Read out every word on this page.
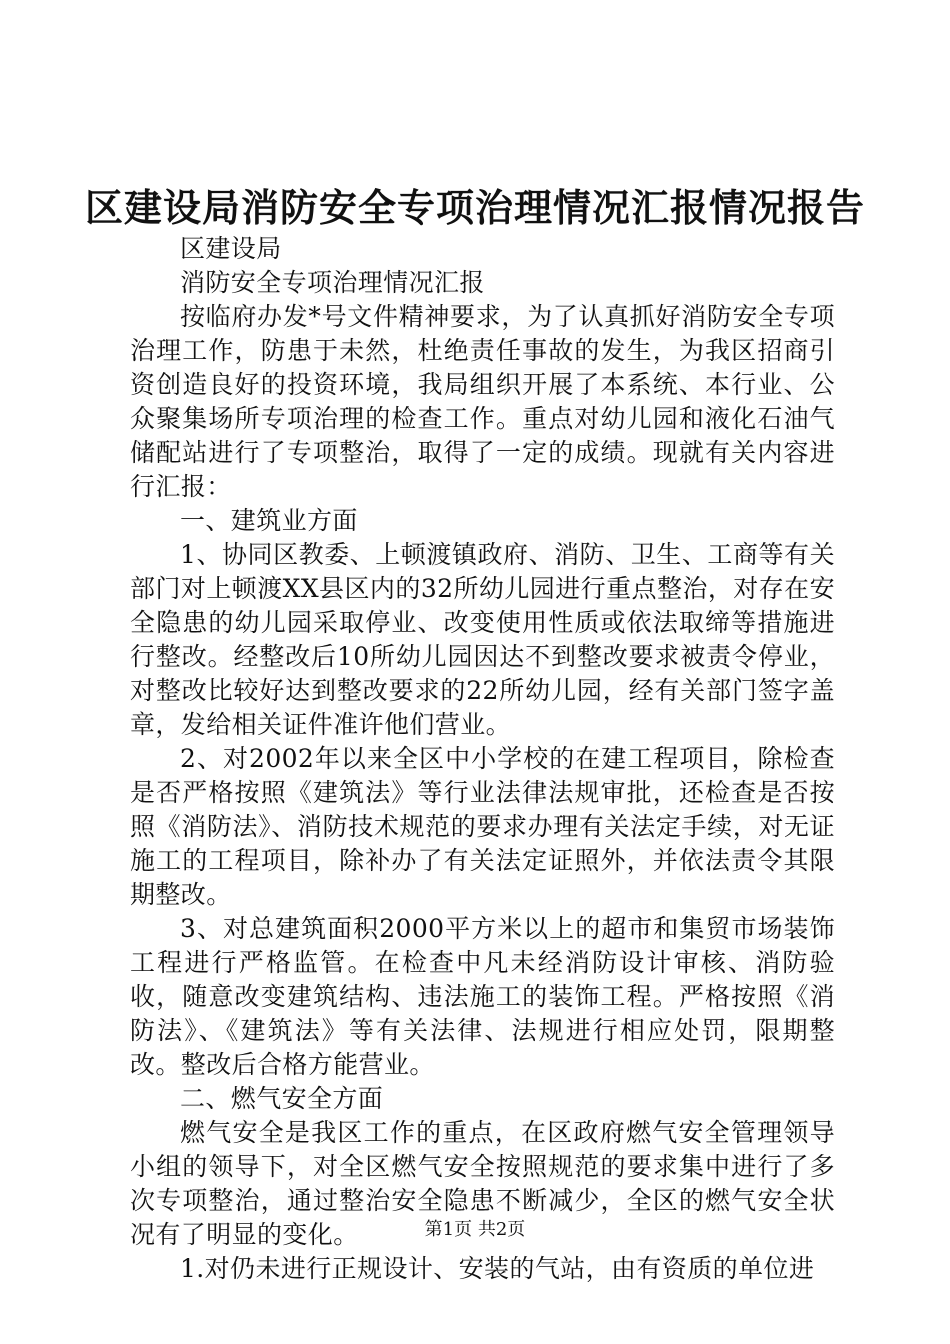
区建设局消防安全专项治理情况汇报情况报告

区建设局

消防安全专项治理情况汇报

按临府办发*号文件精神要求，为了认真抓好消防安全专项治理工作，防患于未然，杜绝责任事故的发生，为我区招商引资创造良好的投资环境，我局组织开展了本系统、本行业、公众聚集场所专项治理的检查工作。重点对幼儿园和液化石油气储配站进行了专项整治，取得了一定的成绩。现就有关内容进行汇报：

一、建筑业方面

1、协同区教委、上顿渡镇政府、消防、卫生、工商等有关部门对上顿渡XX县区内的32所幼儿园进行重点整治，对存在安全隐患的幼儿园采取停业、改变使用性质或依法取缔等措施进行整改。经整改后10所幼儿园因达不到整改要求被责令停业，对整改比较好达到整改要求的22所幼儿园，经有关部门签字盖章，发给相关证件准许他们营业。

2、对2002年以来全区中小学校的在建工程项目，除检查是否严格按照《建筑法》等行业法律法规审批，还检查是否按照《消防法》、消防技术规范的要求办理有关法定手续，对无证施工的工程项目，除补办了有关法定证照外，并依法责令其限期整改。

3、对总建筑面积2000平方米以上的超市和集贸市场装饰工程进行严格监管。在检查中凡未经消防设计审核、消防验收，随意改变建筑结构、违法施工的装饰工程。严格按照《消防法》、《建筑法》等有关法律、法规进行相应处罚，限期整改。整改后合格方能营业。

二、燃气安全方面

燃气安全是我区工作的重点，在区政府燃气安全管理领导小组的领导下，对全区燃气安全按照规范的要求集中进行了多次专项整治，通过整治安全隐患不断减少，全区的燃气安全状况有了明显的变化。

1.对仍未进行正规设计、安装的气站，由有资质的单位进

第1页 共2页
